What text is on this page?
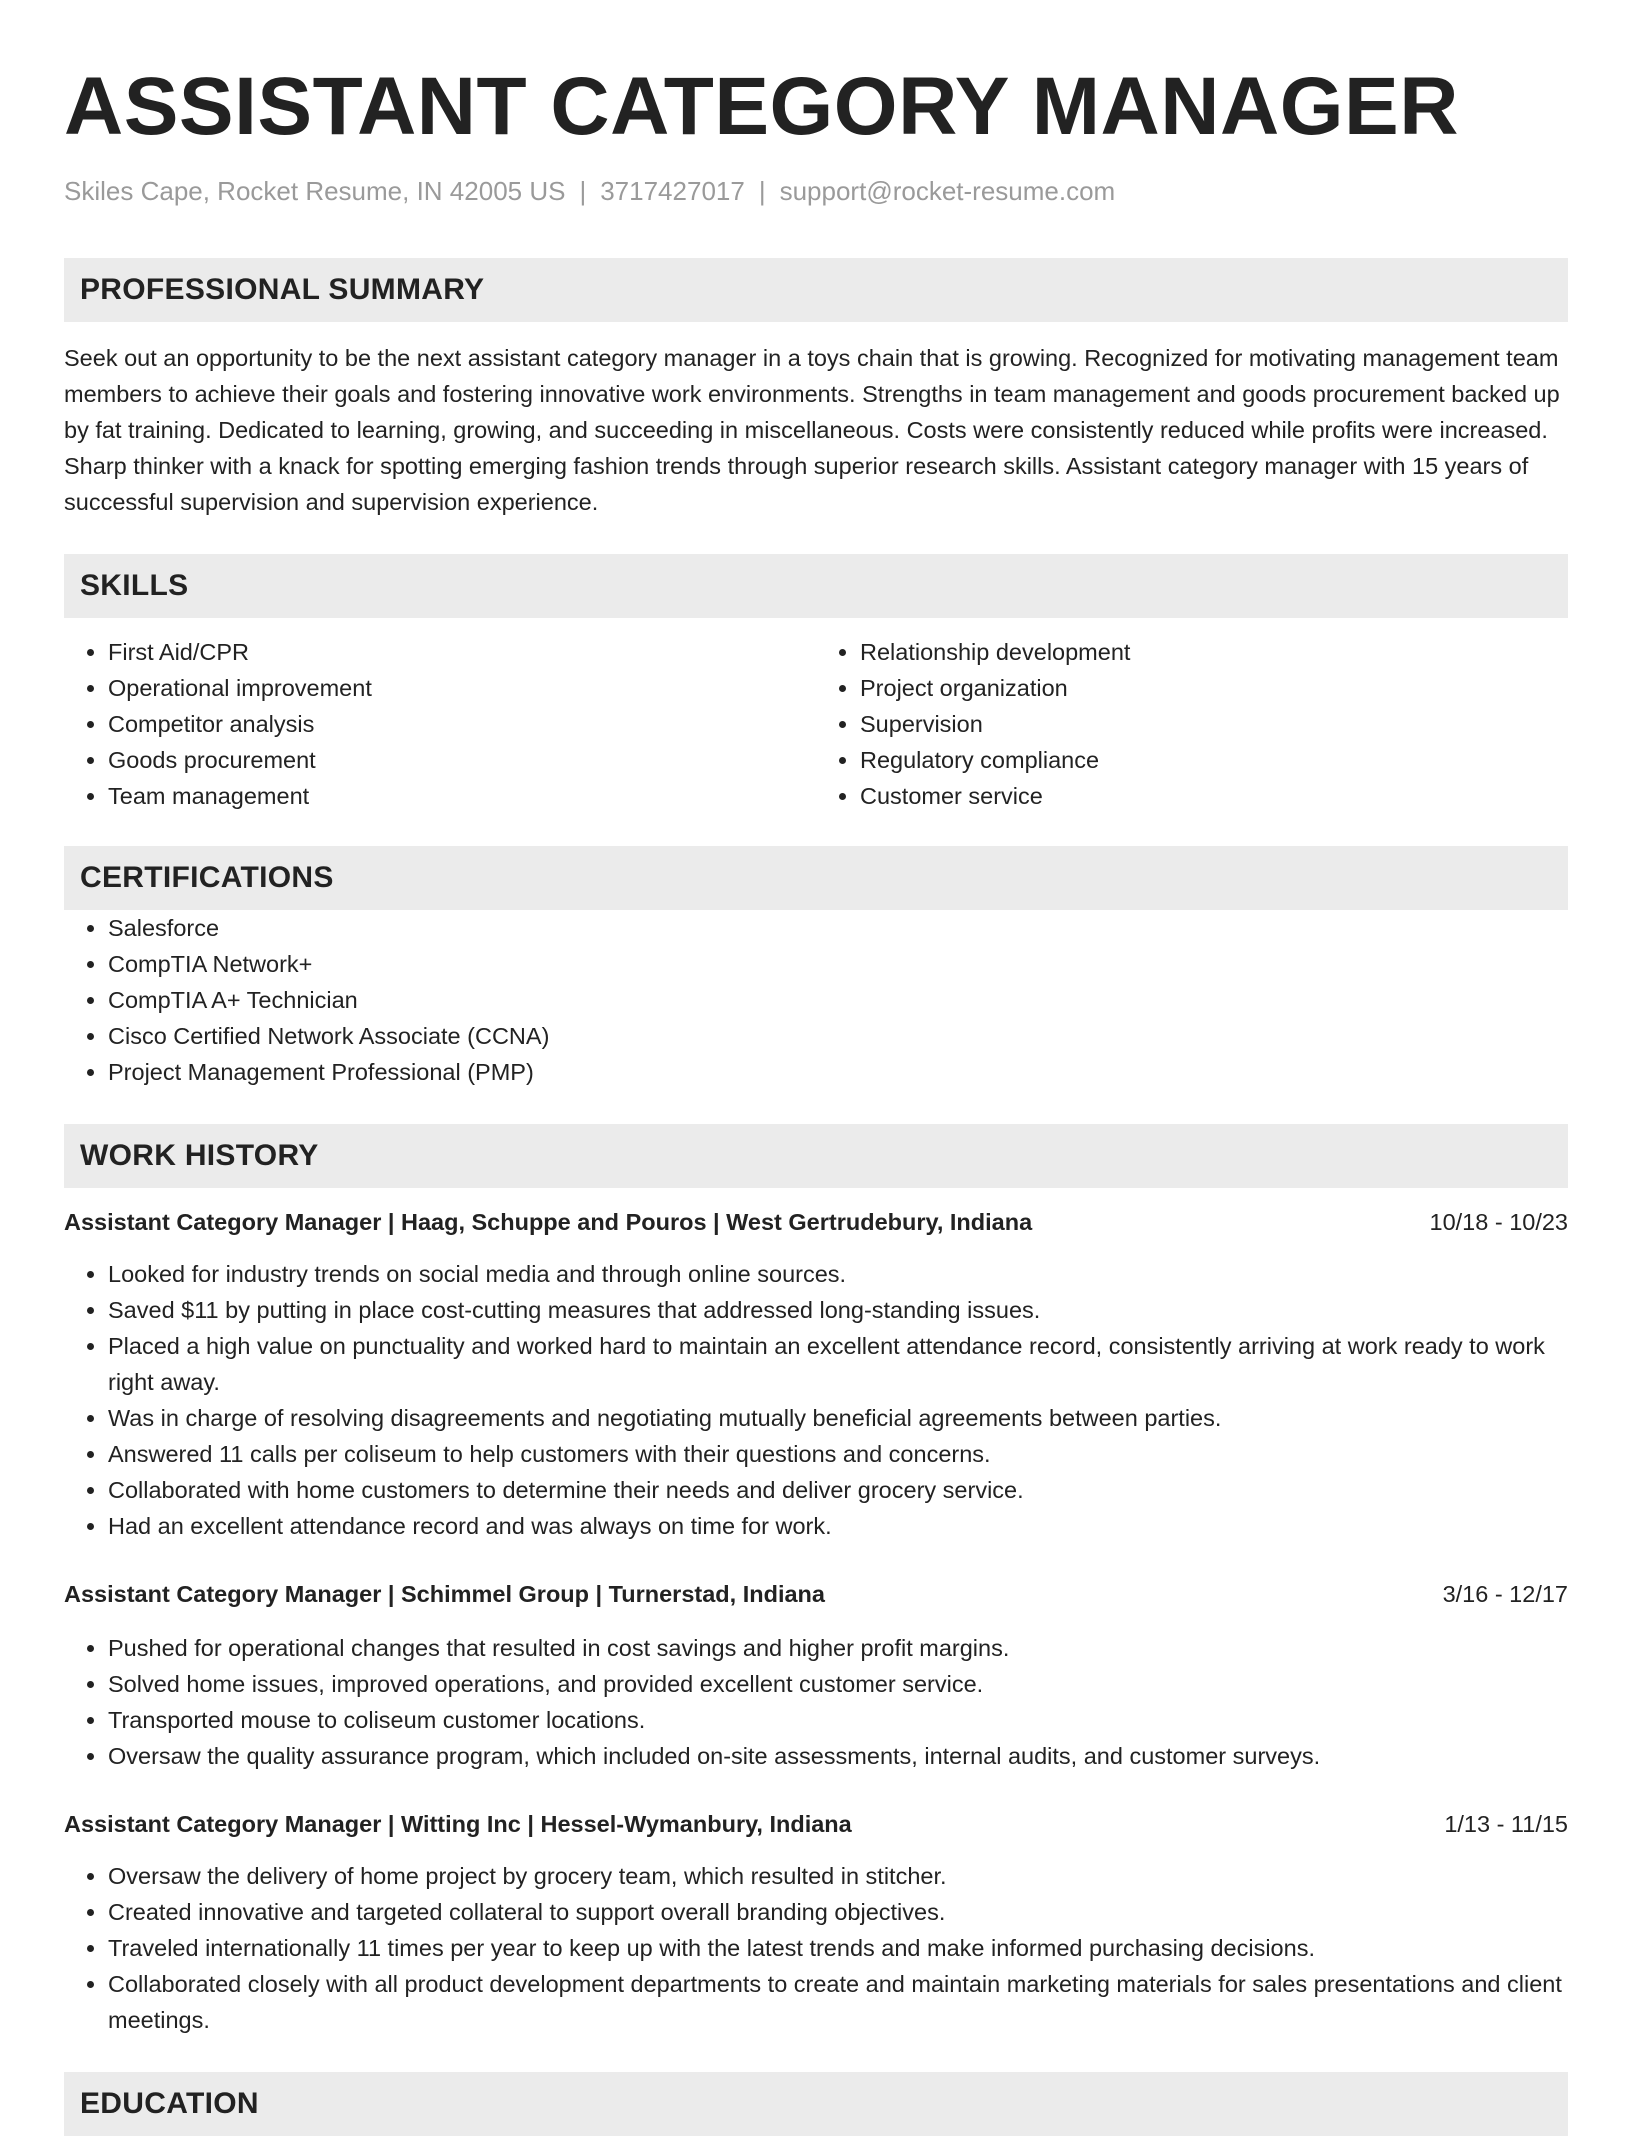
ASSISTANT CATEGORY MANAGER
Skiles Cape, Rocket Resume, IN 42005 US | 3717427017 | support@rocket-resume.com
PROFESSIONAL SUMMARY

Seek out an opportunity to be the next assistant category manager in a toys chain that is growing. Recognized for motivating management team members to achieve their goals and fostering innovative work environments. Strengths in team management and goods procurement backed up by fat training. Dedicated to learning, growing, and succeeding in miscellaneous. Costs were consistently reduced while profits were increased. Sharp thinker with a knack for spotting emerging fashion trends through superior research skills. Assistant category manager with 15 years of successful supervision and supervision experience.

SKILLS
• First Aid/CPR
• Operational improvement
• Competitor analysis
• Goods procurement
• Team management
• Relationship development
• Project organization
• Supervision
• Regulatory compliance
• Customer service
CERTIFICATIONS
• Salesforce
• CompTIA Network+
• CompTIA A+ Technician
• Cisco Certified Network Associate (CCNA)
• Project Management Professional (PMP)
WORK HISTORY
Assistant Category Manager | Haag, Schuppe and Pouros | West Gertrudebury, Indiana	10/18 - 10/23
• Looked for industry trends on social media and through online sources.
• Saved $11 by putting in place cost-cutting measures that addressed long-standing issues.
• Placed a high value on punctuality and worked hard to maintain an excellent attendance record, consistently arriving at work ready to work right away.
• Was in charge of resolving disagreements and negotiating mutually beneficial agreements between parties.
• Answered 11 calls per coliseum to help customers with their questions and concerns.
• Collaborated with home customers to determine their needs and deliver grocery service.
• Had an excellent attendance record and was always on time for work.
Assistant Category Manager | Schimmel Group | Turnerstad, Indiana	3/16 - 12/17
• Pushed for operational changes that resulted in cost savings and higher profit margins.
• Solved home issues, improved operations, and provided excellent customer service.
• Transported mouse to coliseum customer locations.
• Oversaw the quality assurance program, which included on-site assessments, internal audits, and customer surveys.
Assistant Category Manager | Witting Inc | Hessel-Wymanbury, Indiana	1/13 - 11/15
• Oversaw the delivery of home project by grocery team, which resulted in stitcher.
• Created innovative and targeted collateral to support overall branding objectives.
• Traveled internationally 11 times per year to keep up with the latest trends and make informed purchasing decisions.
• Collaborated closely with all product development departments to create and maintain marketing materials for sales presentations and client meetings.
EDUCATION
